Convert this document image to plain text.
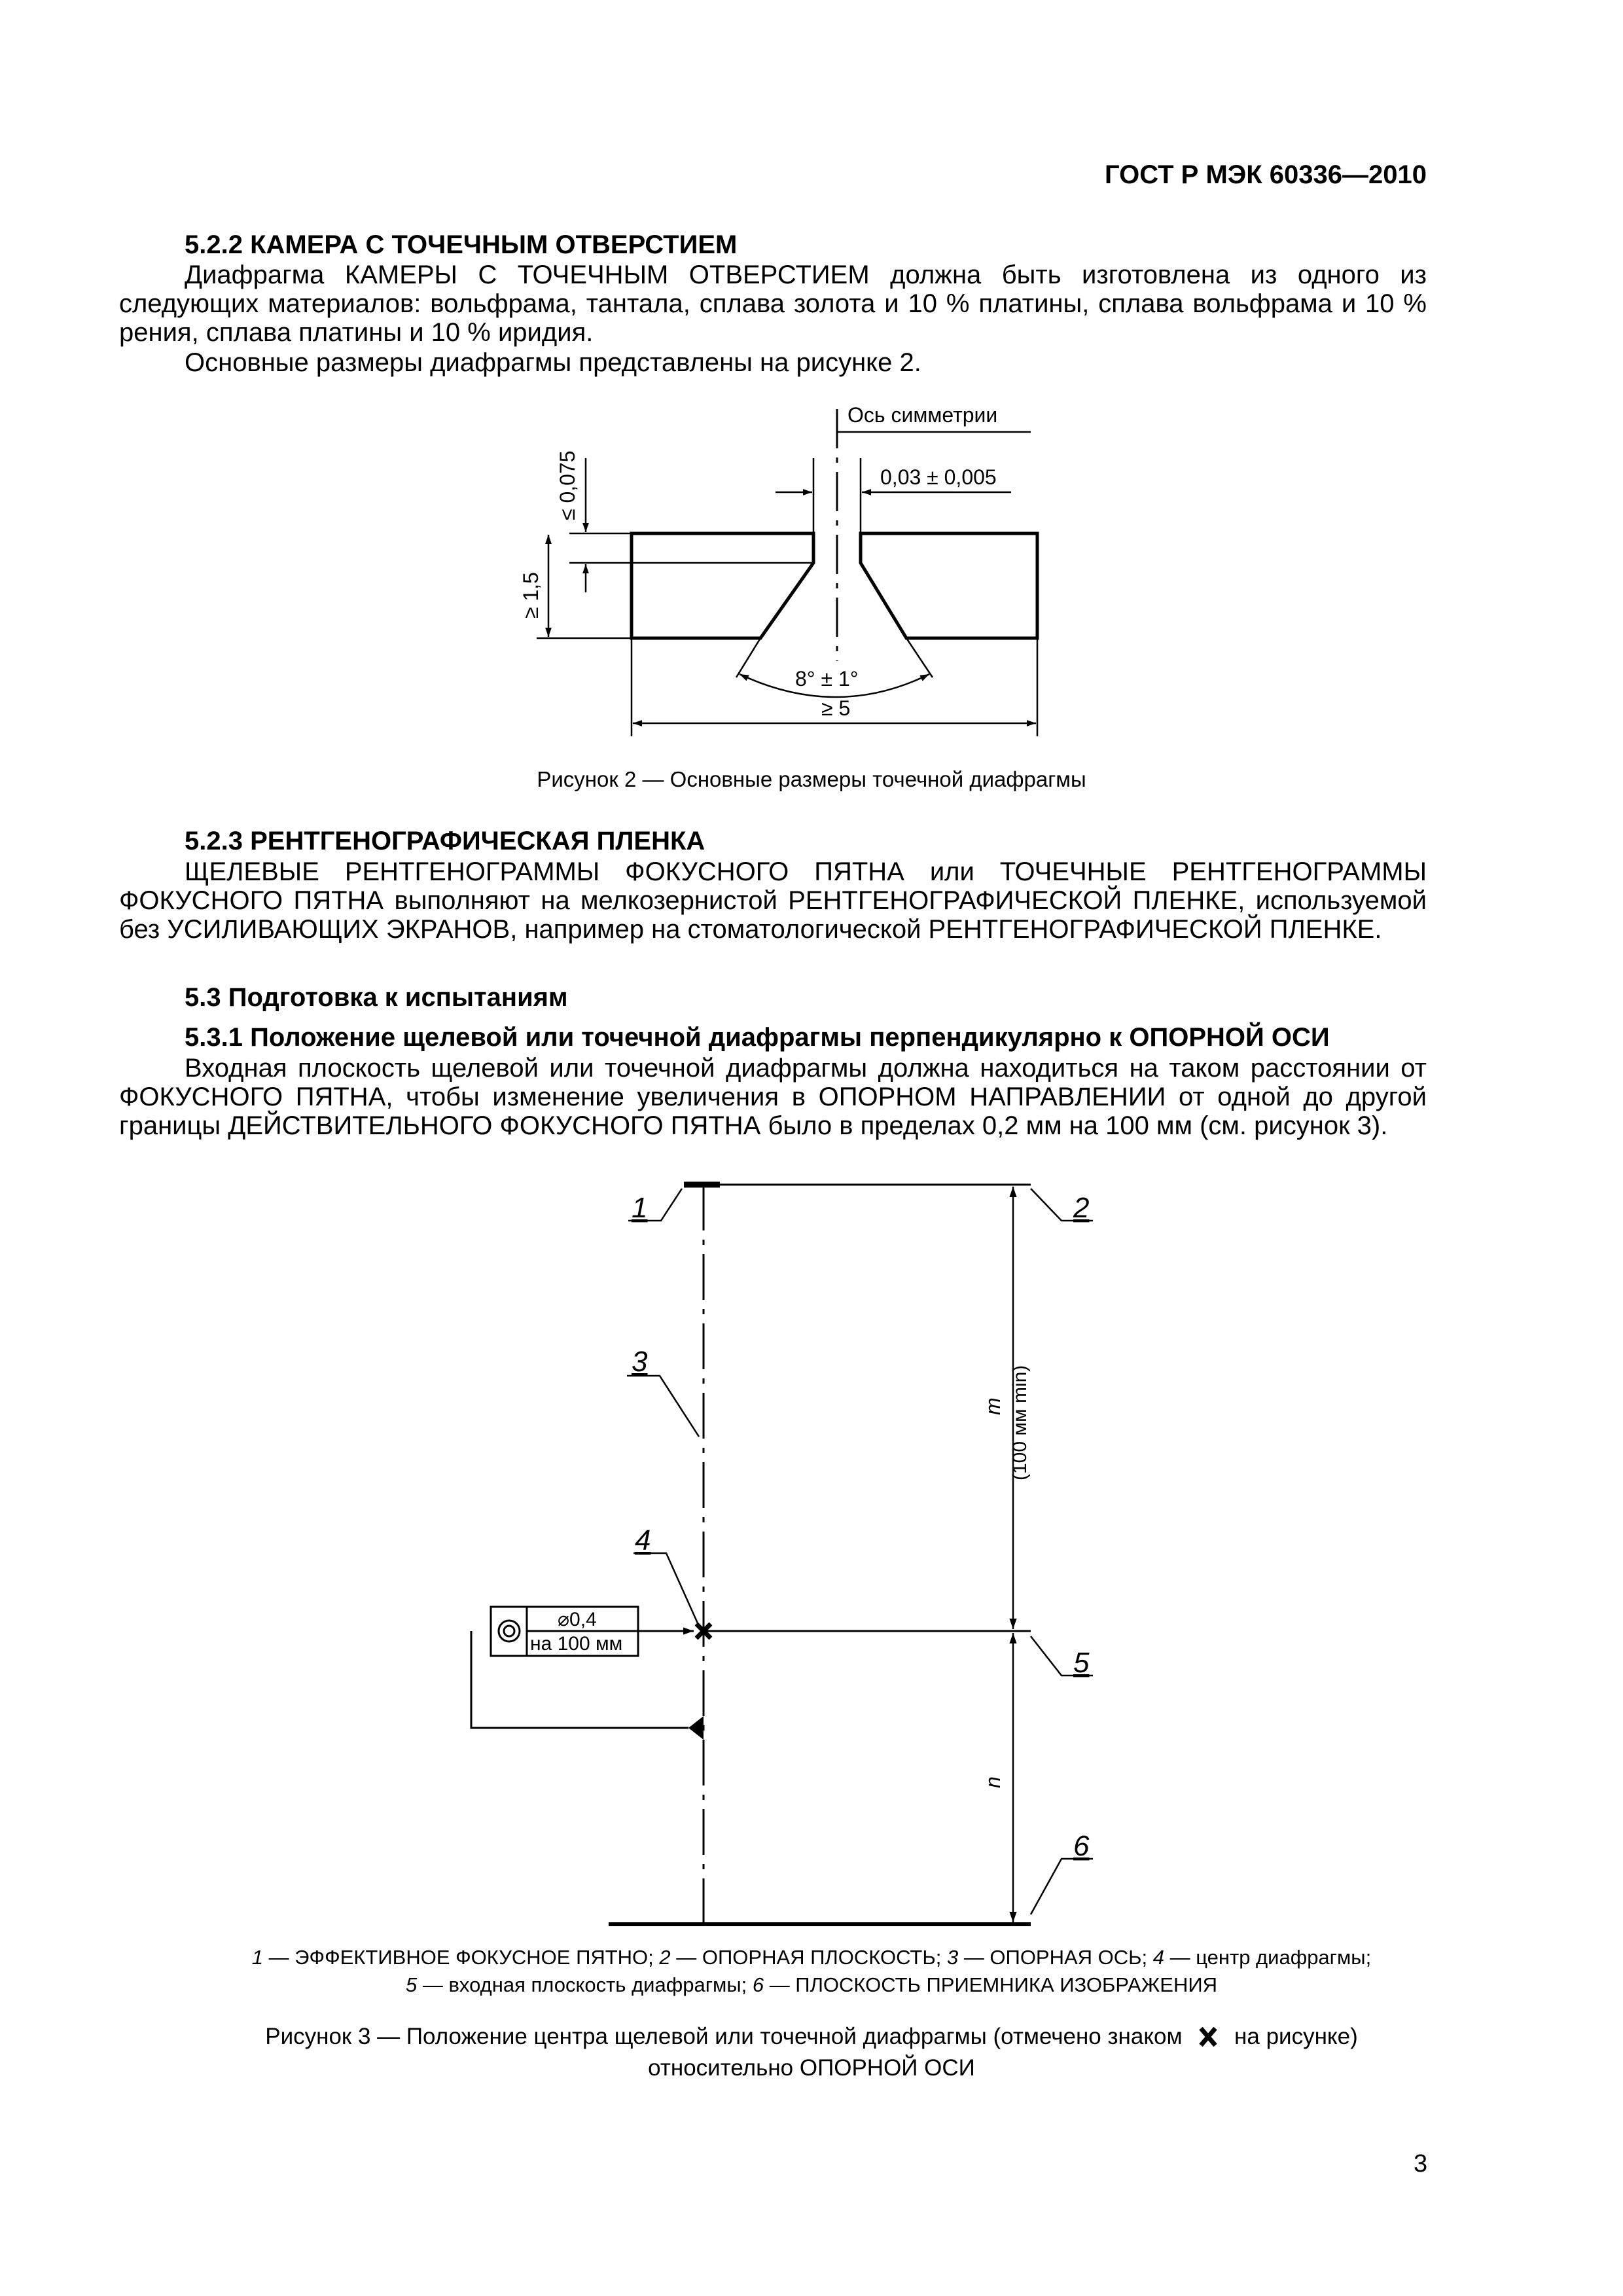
ГОСТ Р МЭК 60336—2010
5.2.2 КАМЕРА С ТОЧЕЧНЫМ ОТВЕРСТИЕМ
Диафрагма КАМЕРЫ С ТОЧЕЧНЫМ ОТВЕРСТИЕМ должна быть изготовлена из одного из следующих материалов: вольфрама, тантала, сплава золота и 10 % платины, сплава вольфрама и 10 % рения, сплава платины и 10 % иридия.
Основные размеры диафрагмы представлены на рисунке 2.
Ось симметрии
0,03 ± 0,005
≤ 0,075
≥ 1,5
8° ± 1°
≥ 5
Рисунок 2 — Основные размеры точечной диафрагмы
5.2.3 РЕНТГЕНОГРАФИЧЕСКАЯ ПЛЕНКА
ЩЕЛЕВЫЕ РЕНТГЕНОГРАММЫ ФОКУСНОГО ПЯТНА или ТОЧЕЧНЫЕ РЕНТГЕНОГРАММЫ ФОКУСНОГО ПЯТНА выполняют на мелкозернистой РЕНТГЕНОГРАФИЧЕСКОЙ ПЛЕНКЕ, используемой без УСИЛИВАЮЩИХ ЭКРАНОВ, например на стоматологической РЕНТГЕНОГРАФИЧЕСКОЙ ПЛЕНКЕ.
5.3 Подготовка к испытаниям
5.3.1 Положение щелевой или точечной диафрагмы перпендикулярно к ОПОРНОЙ ОСИ
Входная плоскость щелевой или точечной диафрагмы должна находиться на таком расстоянии от ФОКУСНОГО ПЯТНА, чтобы изменение увеличения в ОПОРНОМ НАПРАВЛЕНИИ от одной до другой границы ДЕЙСТВИТЕЛЬНОГО ФОКУСНОГО ПЯТНА было в пределах 0,2 мм на 100 мм (см. рисунок 3).
1	2
3
4
5
6
m (100 мм min)
n
⌀0,4
на 100 мм
1 — ЭФФЕКТИВНОЕ ФОКУСНОЕ ПЯТНО; 2 — ОПОРНАЯ ПЛОСКОСТЬ; 3 — ОПОРНАЯ ОСЬ; 4 — центр диафрагмы;
5 — входная плоскость диафрагмы; 6 — ПЛОСКОСТЬ ПРИЕМНИКА ИЗОБРАЖЕНИЯ
Рисунок 3 — Положение центра щелевой или точечной диафрагмы (отмечено знаком на рисунке)
относительно ОПОРНОЙ ОСИ
3
